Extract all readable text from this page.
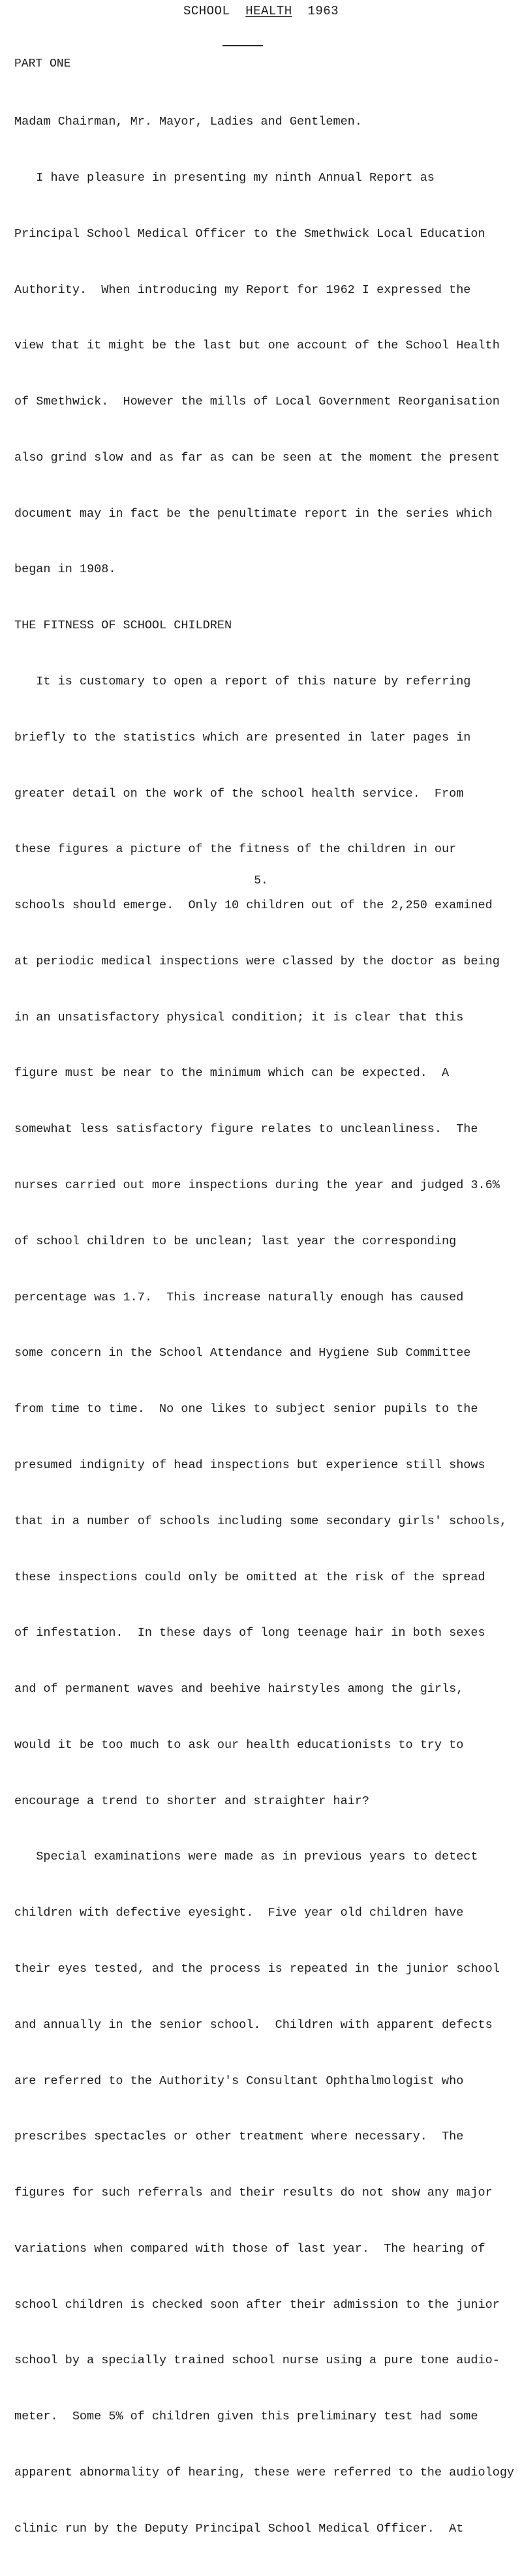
SCHOOL HEALTH 1963
PART ONE

Madam Chairman, Mr. Mayor, Ladies and Gentlemen.

I have pleasure in presenting my ninth Annual Report as

Principal School Medical Officer to the Smethwick Local Education

Authority.  When introducing my Report for 1962 I expressed the

view that it might be the last but one account of the School Health

of Smethwick.  However the mills of Local Government Reorganisation

also grind slow and as far as can be seen at the moment the present

document may in fact be the penultimate report in the series which

began in 1908.

THE FITNESS OF SCHOOL CHILDREN

It is customary to open a report of this nature by referring

briefly to the statistics which are presented in later pages in

greater detail on the work of the school health service.  From

these figures a picture of the fitness of the children in our

schools should emerge.  Only 10 children out of the 2,250 examined

at periodic medical inspections were classed by the doctor as being

in an unsatisfactory physical condition; it is clear that this

figure must be near to the minimum which can be expected.  A

somewhat less satisfactory figure relates to uncleanliness.  The

nurses carried out more inspections during the year and judged 3.6%

of school children to be unclean; last year the corresponding

percentage was 1.7.  This increase naturally enough has caused

some concern in the School Attendance and Hygiene Sub Committee

from time to time.  No one likes to subject senior pupils to the

presumed indignity of head inspections but experience still shows

that in a number of schools including some secondary girls' schools,

these inspections could only be omitted at the risk of the spread

of infestation.  In these days of long teenage hair in both sexes

and of permanent waves and beehive hairstyles among the girls,

would it be too much to ask our health educationists to try to

encourage a trend to shorter and straighter hair?

Special examinations were made as in previous years to detect

children with defective eyesight.  Five year old children have

their eyes tested, and the process is repeated in the junior school

and annually in the senior school.  Children with apparent defects

are referred to the Authority's Consultant Ophthalmologist who

prescribes spectacles or other treatment where necessary.  The

figures for such referrals and their results do not show any major

variations when compared with those of last year.  The hearing of

school children is checked soon after their admission to the junior

school by a specially trained school nurse using a pure tone audio-

meter.  Some 5% of children given this preliminary test had some

apparent abnormality of hearing, these were referred to the audiology

clinic run by the Deputy Principal School Medical Officer.  At

5.
